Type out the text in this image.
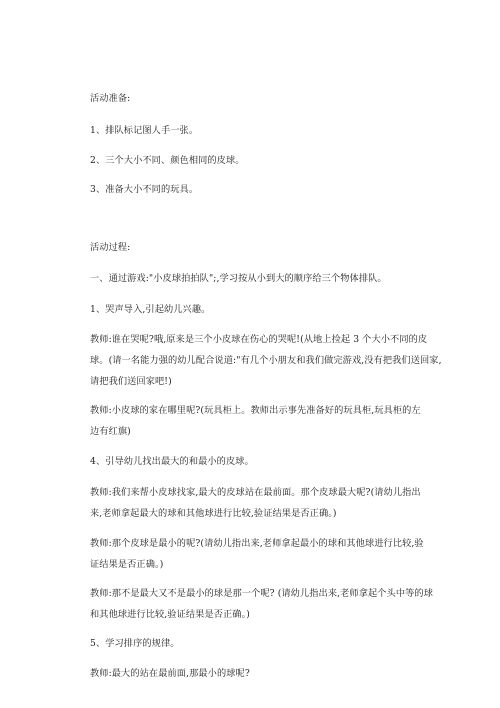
活动准备:

1、排队标记图人手一张。

2、三个大小不同、颜色相同的皮球。

3、准备大小不同的玩具。

活动过程:

一、通过游戏:"小皮球拍拍队";,学习按从小到大的顺序给三个物体排队。

1、哭声导入,引起幼儿兴趣。

教师:谁在哭呢?哦,原来是三个小皮球在伤心的哭呢!(从地上捡起 3 个大小不同的皮
球。(请一名能力强的幼儿配合说道:"有几个小朋友和我们做完游戏,没有把我们送回家,
请把我们送回家吧!)

教师:小皮球的家在哪里呢?(玩具柜上。教师出示事先准备好的玩具柜,玩具柜的左
边有红旗)

4、引导幼儿找出最大的和最小的皮球。

教师:我们来帮小皮球找家,最大的皮球站在最前面。那个皮球最大呢?(请幼儿指出
来,老师拿起最大的球和其他球进行比较,验证结果是否正确。)

教师:那个皮球是最小的呢?(请幼儿指出来,老师拿起最小的球和其他球进行比较,验
证结果是否正确。)

教师:那不是最大又不是最小的球是那一个呢? (请幼儿指出来,老师拿起个头中等的球
和其他球进行比较,验证结果是否正确。)

5、学习排序的规律。

教师:最大的站在最前面,那最小的球呢?
